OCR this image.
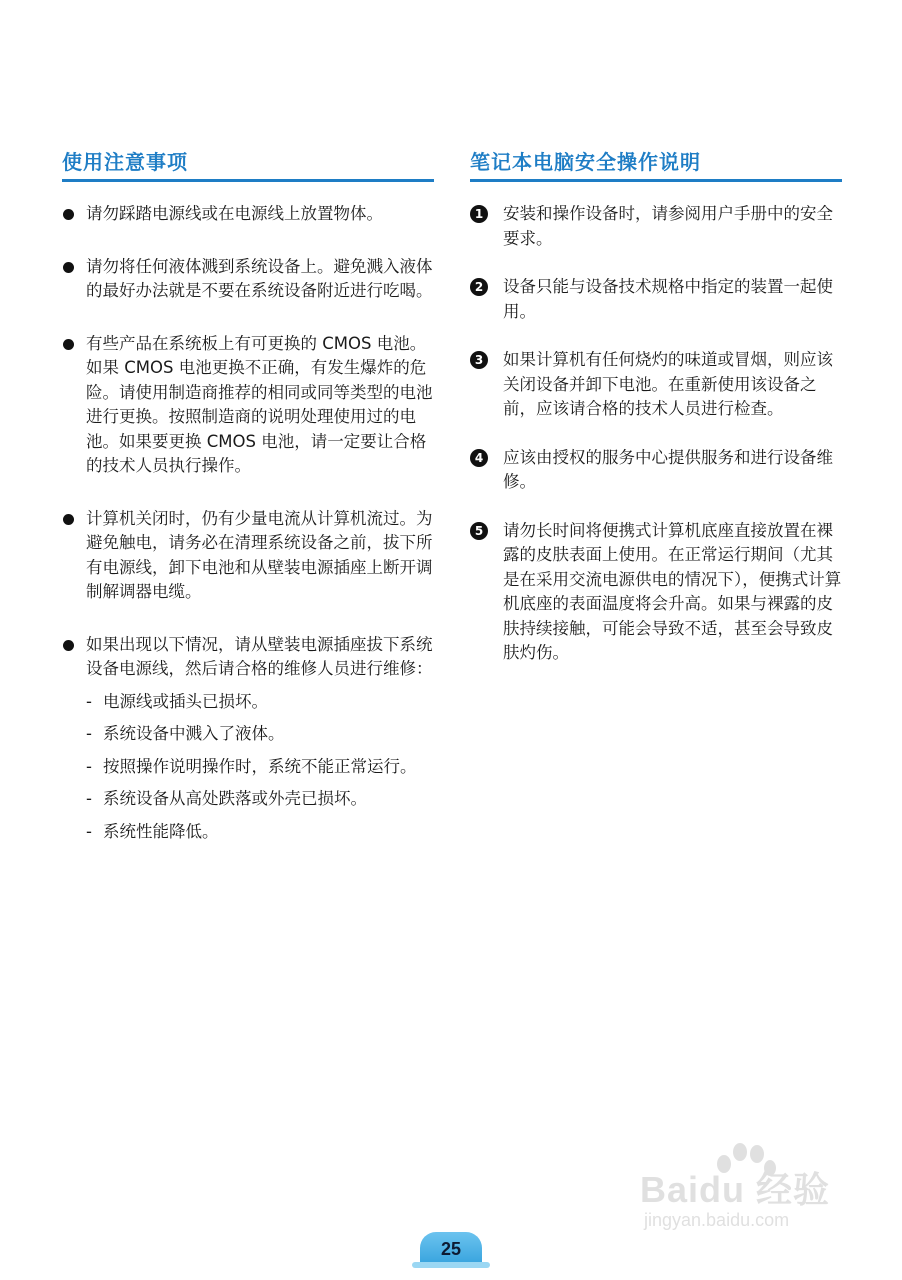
使用注意事项
请勿踩踏电源线或在电源线上放置物体。
请勿将任何液体溅到系统设备上。避免溅入液体的最好办法就是不要在系统设备附近进行吃喝。
有些产品在系统板上有可更换的 CMOS 电池。如果 CMOS 电池更换不正确，有发生爆炸的危险。请使用制造商推荐的相同或同等类型的电池进行更换。按照制造商的说明处理使用过的电池。如果要更换 CMOS 电池，请一定要让合格的技术人员执行操作。
计算机关闭时，仍有少量电流从计算机流过。为避免触电，请务必在清理系统设备之前，拔下所有电源线，卸下电池和从壁装电源插座上断开调制解调器电缆。
如果出现以下情况，请从壁装电源插座拔下系统设备电源线，然后请合格的维修人员进行维修：
- 电源线或插头已损坏。
- 系统设备中溅入了液体。
- 按照操作说明操作时，系统不能正常运行。
- 系统设备从高处跌落或外壳已损坏。
- 系统性能降低。
笔记本电脑安全操作说明
1 安装和操作设备时，请参阅用户手册中的安全要求。
2 设备只能与设备技术规格中指定的装置一起使用。
3 如果计算机有任何烧灼的味道或冒烟，则应该关闭设备并卸下电池。在重新使用该设备之前，应该请合格的技术人员进行检查。
4 应该由授权的服务中心提供服务和进行设备维修。
5 请勿长时间将便携式计算机底座直接放置在裸露的皮肤表面上使用。在正常运行期间（尤其是在采用交流电源供电的情况下），便携式计算机底座的表面温度将会升高。如果与裸露的皮肤持续接触，可能会导致不适，甚至会导致皮肤灼伤。
Baidu 经验
jingyan.baidu.com
25
